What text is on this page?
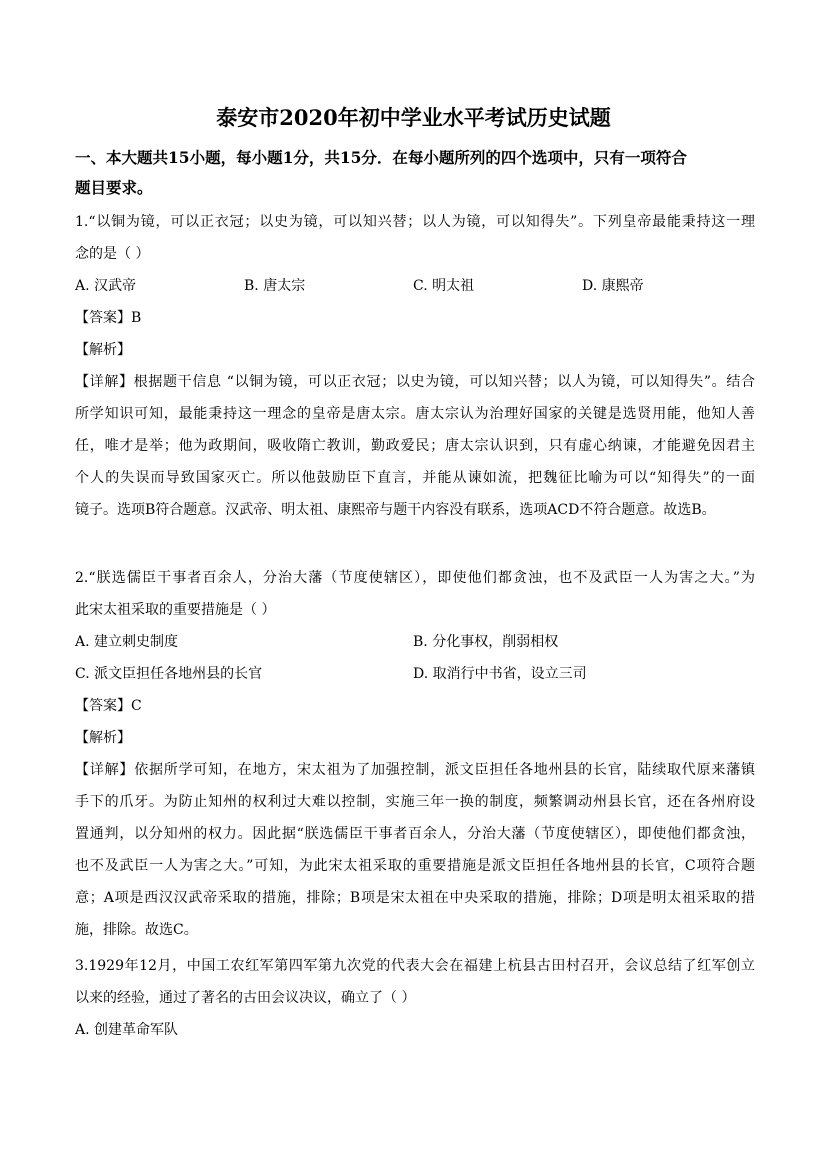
泰安市2020年初中学业水平考试历史试题
一、本大题共15小题，每小题1分，共15分．在每小题所列的四个选项中，只有一项符合
题目要求。
1.“以铜为镜，可以正衣冠；以史为镜，可以知兴替；以人为镜，可以知得失”。下列皇帝最能秉持这一理
念的是（ ）
A. 汉武帝	B. 唐太宗	C. 明太祖	D. 康熙帝
【答案】B
【解析】
【详解】根据题干信息 “以铜为镜，可以正衣冠；以史为镜，可以知兴替；以人为镜，可以知得失”。结合
所学知识可知，最能秉持这一理念的皇帝是唐太宗。唐太宗认为治理好国家的关键是选贤用能，他知人善
任，唯才是举；他为政期间，吸收隋亡教训，勤政爱民；唐太宗认识到，只有虚心纳谏，才能避免因君主
个人的失误而导致国家灭亡。所以他鼓励臣下直言，并能从谏如流，把魏征比喻为可以“知得失”的一面
镜子。选项B符合题意。汉武帝、明太祖、康熙帝与题干内容没有联系，选项ACD不符合题意。故选B。
2.“朕选儒臣干事者百余人，分治大藩（节度使辖区），即使他们都贪浊，也不及武臣一人为害之大。”为
此宋太祖采取的重要措施是（ ）
A. 建立刺史制度	B. 分化事权，削弱相权
C. 派文臣担任各地州县的长官	D. 取消行中书省，设立三司
【答案】C
【解析】
【详解】依据所学可知，在地方，宋太祖为了加强控制，派文臣担任各地州县的长官，陆续取代原来藩镇
手下的爪牙。为防止知州的权利过大难以控制，实施三年一换的制度，频繁调动州县长官，还在各州府设
置通判，以分知州的权力。因此据“朕选儒臣干事者百余人，分治大藩（节度使辖区），即使他们都贪浊，
也不及武臣一人为害之大。”可知，为此宋太祖采取的重要措施是派文臣担任各地州县的长官，C项符合题
意；A项是西汉汉武帝采取的措施，排除；B项是宋太祖在中央采取的措施，排除；D项是明太祖采取的措
施，排除。故选C。
3.1929年12月，中国工农红军第四军第九次党的代表大会在福建上杭县古田村召开，会议总结了红军创立
以来的经验，通过了著名的古田会议决议，确立了（ ）
A. 创建革命军队
